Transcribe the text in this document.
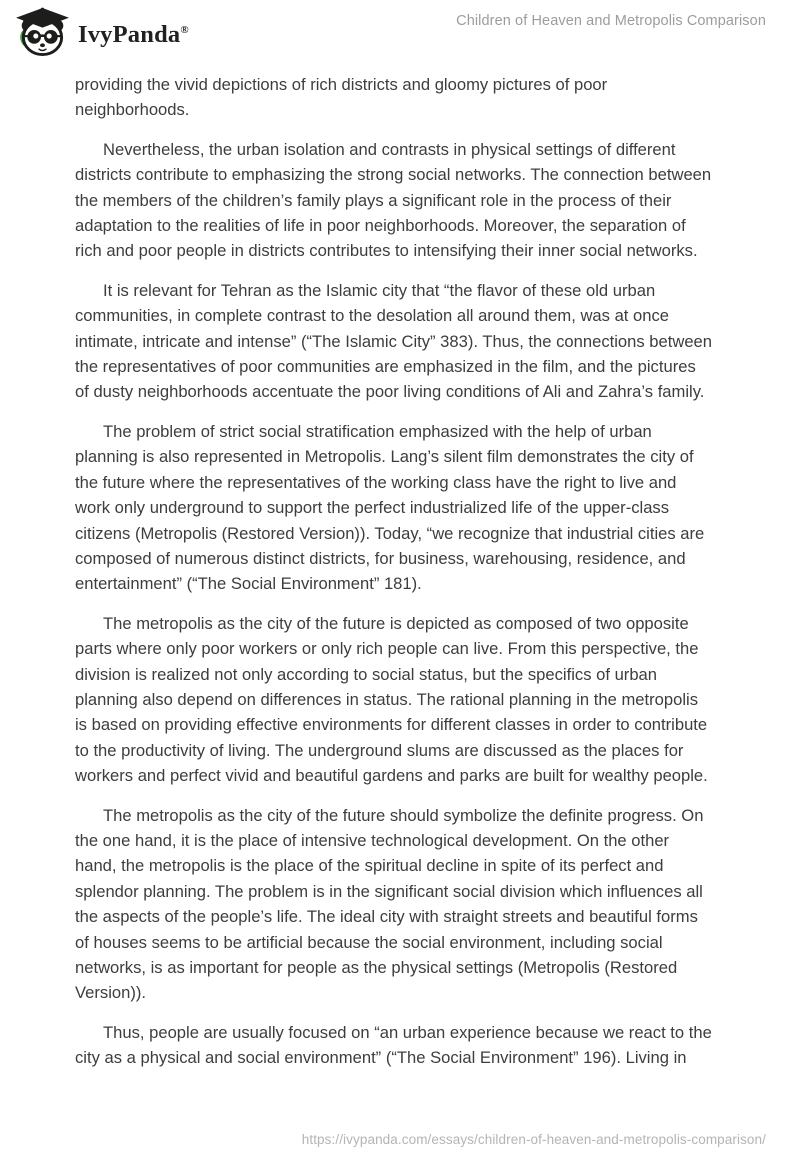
IvyPanda®
Children of Heaven and Metropolis Comparison

providing the vivid depictions of rich districts and gloomy pictures of poor neighborhoods.

Nevertheless, the urban isolation and contrasts in physical settings of different districts contribute to emphasizing the strong social networks. The connection between the members of the children’s family plays a significant role in the process of their adaptation to the realities of life in poor neighborhoods. Moreover, the separation of rich and poor people in districts contributes to intensifying their inner social networks.

It is relevant for Tehran as the Islamic city that “the flavor of these old urban communities, in complete contrast to the desolation all around them, was at once intimate, intricate and intense” (“The Islamic City” 383). Thus, the connections between the representatives of poor communities are emphasized in the film, and the pictures of dusty neighborhoods accentuate the poor living conditions of Ali and Zahra’s family.

The problem of strict social stratification emphasized with the help of urban planning is also represented in Metropolis. Lang’s silent film demonstrates the city of the future where the representatives of the working class have the right to live and work only underground to support the perfect industrialized life of the upper-class citizens (Metropolis (Restored Version)). Today, “we recognize that industrial cities are composed of numerous distinct districts, for business, warehousing, residence, and entertainment” (“The Social Environment” 181).

The metropolis as the city of the future is depicted as composed of two opposite parts where only poor workers or only rich people can live. From this perspective, the division is realized not only according to social status, but the specifics of urban planning also depend on differences in status. The rational planning in the metropolis is based on providing effective environments for different classes in order to contribute to the productivity of living. The underground slums are discussed as the places for workers and perfect vivid and beautiful gardens and parks are built for wealthy people.

The metropolis as the city of the future should symbolize the definite progress. On the one hand, it is the place of intensive technological development. On the other hand, the metropolis is the place of the spiritual decline in spite of its perfect and splendor planning. The problem is in the significant social division which influences all the aspects of the people’s life. The ideal city with straight streets and beautiful forms of houses seems to be artificial because the social environment, including social networks, is as important for people as the physical settings (Metropolis (Restored Version)).

Thus, people are usually focused on “an urban experience because we react to the city as a physical and social environment” (“The Social Environment” 196). Living in

https://ivypanda.com/essays/children-of-heaven-and-metropolis-comparison/
